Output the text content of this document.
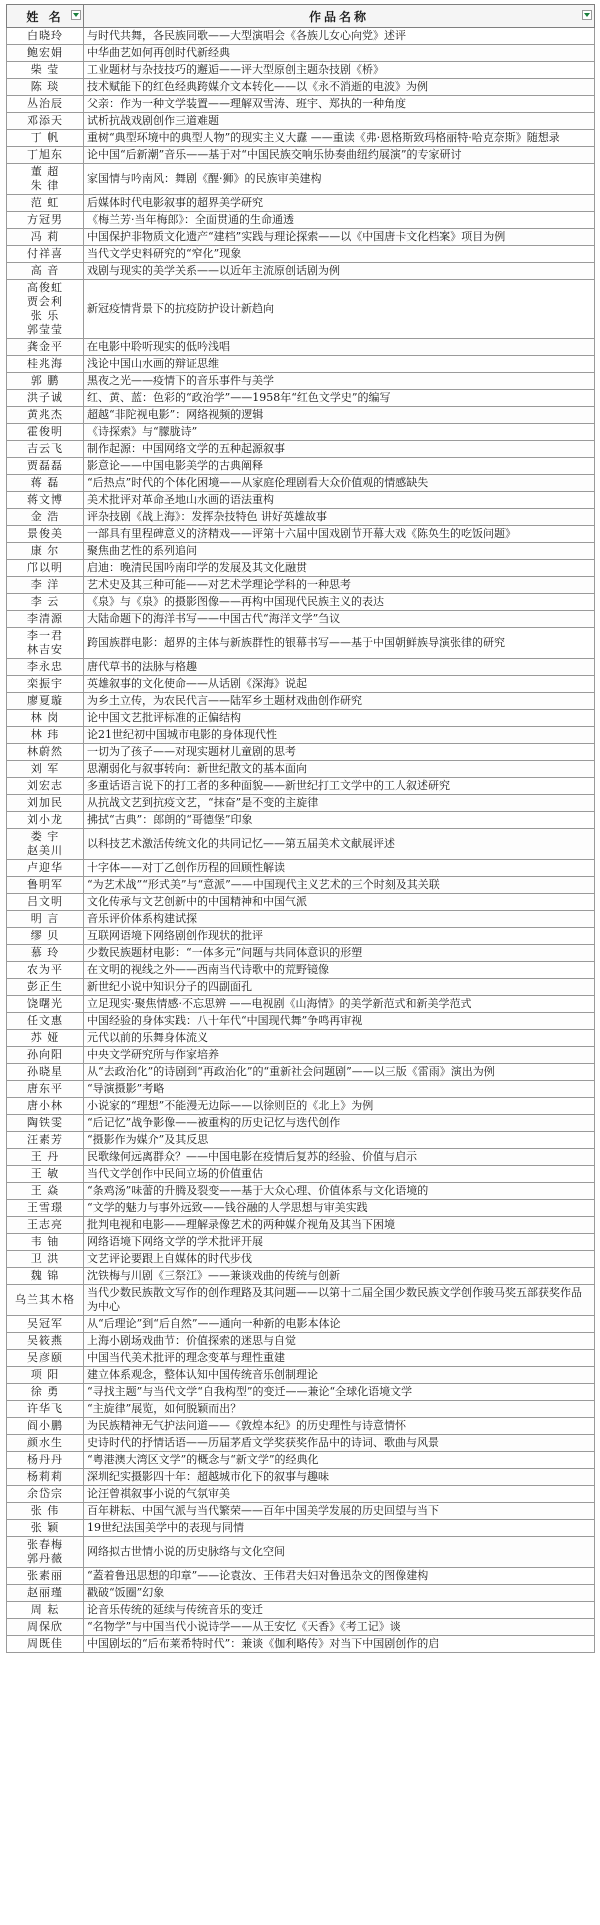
姓 名	作品名称

白晓玲	与时代共舞，各民族同歌——大型演唱会《各族儿女心向党》述评
鲍宏娟	中华曲艺如何再创时代新经典
柴 莹	工业题材与杂技技巧的邂逅——评大型原创主题杂技剧《桥》
陈 琰	技术赋能下的红色经典跨媒介文本转化——以《永不消逝的电波》为例
丛治辰	父亲：作为一种文学装置——理解双雪涛、班宇、郑执的一种角度
邓添天	试析抗战戏剧创作三道难题
丁 帆	重树“典型环境中的典型人物”的现实主义大纛 ——重读《弗·恩格斯致玛格丽特·哈克奈斯》随想录
丁旭东	论中国“后新潮”音乐——基于对“中国民族交响乐协奏曲纽约展演”的专家研讨
董 超
朱 律	家国情与吟南风：舞剧《醒·狮》的民族审美建构
范 虹	后媒体时代电影叙事的超界美学研究
方冠男	《梅兰芳·当年梅郎》：全面贯通的生命通透
冯 莉	中国保护非物质文化遗产“建档”实践与理论探索——以《中国唐卡文化档案》项目为例
付祥喜	当代文学史料研究的“窄化”现象
高 音	戏剧与现实的美学关系——以近年主流原创话剧为例
高俊虹
贾会利
张 乐
郭莹莹	新冠疫情背景下的抗疫防护设计新趋向
龚金平	在电影中聆听现实的低吟浅唱
桂兆海	浅论中国山水画的辩证思维
郭 鹏	黑夜之光——疫情下的音乐事件与美学
洪子诚	红、黄、蓝：色彩的“政治学”——1958年“红色文学史”的编写
黄兆杰	超越“非陀视电影”：网络视频的逻辑
霍俊明	《诗探索》与“朦胧诗”
吉云飞	制作起源：中国网络文学的五种起源叙事
贾磊磊	影意论——中国电影美学的古典阐释
蒋 磊	“后热点”时代的个体化困境——从家庭伦理剧看大众价值观的情感缺失
蒋文博	美术批评对革命圣地山水画的语法重构
金 浩	评杂技剧《战上海》：发挥杂技特色 讲好英雄故事
景俊美	一部具有里程碑意义的济精戏——评第十六届中国戏剧节开幕大戏《陈奂生的吃饭问题》
康 尔	聚焦曲艺性的系列追问
邝以明	启迪：晚清民国吟南印学的发展及其文化融贯
李 洋	艺术史及其三种可能——对艺术学理论学科的一种思考
李 云	《泉》与《泉》的摄影图像——再构中国现代民族主义的表达
李清源	大陆命题下的海洋书写——中国古代“海洋文学”刍议
李一君
林吉安	跨国族群电影：超界的主体与新族群性的银幕书写——基于中国朝鲜族导演张律的研究
李永忠	唐代草书的法脉与格趣
栾振宇	英雄叙事的文化使命——从话剧《深海》说起
廖夏璇	为乡土立传，为农民代言——陆军乡土题材戏曲创作研究
林 岗	论中国文艺批评标准的正偏结构
林 玮	论21世纪初中国城市电影的身体现代性
林蔚然	一切为了孩子——对现实题材儿童剧的思考
刘 军	思潮弱化与叙事转向：新世纪散文的基本面向
刘宏志	多重话语言说下的打工者的多种面貌——新世纪打工文学中的工人叙述研究
刘加民	从抗战文艺到抗疫文艺，“抹奋”是不变的主旋律
刘小龙	拂拭“古典”：郎朗的“哥德堡”印象
娄 宇
赵美川	以科技艺术激活传统文化的共同记忆——第五届美术文献展评述
卢迎华	十字体——对丁乙创作历程的回顾性解读
鲁明军	“为艺术战”“形式美”与“意派”——中国现代主义艺术的三个时刻及其关联
吕文明	文化传承与文艺创新中的中国精神和中国气派
明 言	音乐评价体系构建试探
缪 贝	互联网语境下网络剧创作现状的批评
慕 玲	少数民族题材电影：“一体多元”问题与共同体意识的形塑
农为平	在文明的视线之外——西南当代诗歌中的荒野镜像
彭正生	新世纪小说中知识分子的四副面孔
饶曙光	立足现实·聚焦情感·不忘思辨 ——电视剧《山海情》的美学新范式和新美学范式
任文惠	中国经验的身体实践：八十年代“中国现代舞”争鸣再审视
苏 娅	元代以前的乐舞身体流义
孙向阳	中央文学研究所与作家培养
孙晓星	从“去政治化”的诗剧到“再政治化”的“重新社会问题剧”——以三版《雷雨》演出为例
唐东平	“导演摄影”考略
唐小林	小说家的“理想”不能漫无边际——以徐则臣的《北上》为例
陶铁雯	“后记忆”战争影像——被重构的历史记忆与迭代创作
汪素芳	“摄影作为媒介”及其反思
王 丹	民歌缘何远离群众？——中国电影在疫情后复苏的经验、价值与启示
王 敏	当代文学创作中民间立场的价值重估
王 焱	“条鸡汤”味蕾的升腾及裂变——基于大众心理、价值体系与文化语境的
王雪璟	“文学的魅力与事外远致——钱谷融的人学思想与审美实践
王志亮	批判电视和电影——理解录像艺术的两种媒介视角及其当下困境
韦 铀	网络语境下网络文学的学术批评开展
卫 洪	文艺评论要跟上自媒体的时代步伐
魏 锦	沈铁梅与川剧《三祭江》——兼谈戏曲的传统与创新
乌兰其木格	当代少数民族散文写作的创作理路及其问题——以第十二届全国少数民族文学创作骏马奖五部获奖作品为中心
吴冠军	从“后理论”到“后自然”——通向一种新的电影本体论
吴筱燕	上海小剧场戏曲节：价值探索的迷思与自觉
吴彦颐	中国当代美术批评的理念变革与理性重建
项 阳	建立体系观念，整体认知中国传统音乐创制理论
徐 勇	“寻找主题”与当代文学“自我构型”的变迁——兼论“全球化语境文学
许华飞	“主旋律”展览，如何脱颖而出？
阎小鹏	为民族精神无气护法问道——《敦煌本纪》的历史理性与诗意情怀
颜水生	史诗时代的抒情话语——历届茅盾文学奖获奖作品中的诗词、歌曲与风景
杨丹丹	“粤港澳大湾区文学”的概念与“新文学”的经典化
杨莉莉	深圳纪实摄影四十年：超越城市化下的叙事与趣味
余岱宗	论汪曾祺叙事小说的气氛审美
张 伟	百年耕耘、中国气派与当代繁荣——百年中国美学发展的历史回望与当下
张 颖	19世纪法国美学中的表现与同情
张春梅
郭丹薇	网络拟古世情小说的历史脉络与文化空间
张素丽	“蓋着鲁迅思想的印章”——论袁汝、王伟君夫妇对鲁迅杂文的图像建构
赵丽瑾	戳破“饭圈”幻象
周 耘	论音乐传统的延续与传统音乐的变迁
周保欣	“名物学”与中国当代小说诗学——从王安忆《天香》《考工记》谈
周既佳	中国剧坛的“后布莱希特时代”：兼谈《伽利略传》对当下中国剧创作的启
